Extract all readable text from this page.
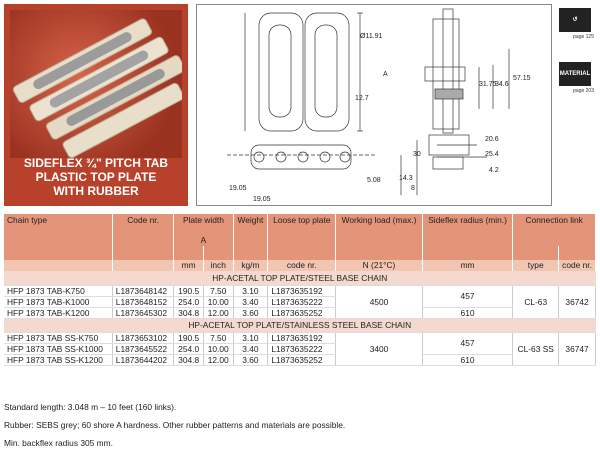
SIDEFLEX ¾" PITCH TAB
PLASTIC TOP PLATE
WITH RUBBER
Ø11.91
12.7
A
19.05
19.05
5.08	14.3
30
31.75
34.6
57.15
4.2
20.6
25.4
8
↺
page 125
MATERIAL
page 203
Chain type	Code nr.	Plate width

A		Weight	Loose top plate	Working load (max.)	Sideflex radius (min.)	Connection link	

		mm	inch	kg/m	code nr.	N (21°C)	mm	type	code nr.
HP-ACETAL TOP PLATE/STEEL BASE CHAIN									
HFP 1873 TAB-K750	L1873648142	190.5	7.50	3.10	L1873635192	4500	457	CL-63	36742
HFP 1873 TAB-K1000	L1873648152	254.0	10.00	3.40	L1873635222				
HFP 1873 TAB-K1200	L1873645302	304.8	12.00	3.60	L1873635252		610		
HP-ACETAL TOP PLATE/STAINLESS STEEL BASE CHAIN									
HFP 1873 TAB SS-K750	L1873653102	190.5	7.50	3.10	L1873635192	3400	457	CL-63 SS	36747
HFP 1873 TAB SS-K1000	L1873645522	254.0	10.00	3.40	L1873635222				
HFP 1873 TAB SS-K1200	L1873644202	304.8	12.00	3.60	L1873635252		610		
Standard length: 3.048 m – 10 feet (160 links).
Rubber: SEBS grey; 60 shore A hardness. Other rubber patterns and materials are possible.
Min. backflex radius 305 mm.
